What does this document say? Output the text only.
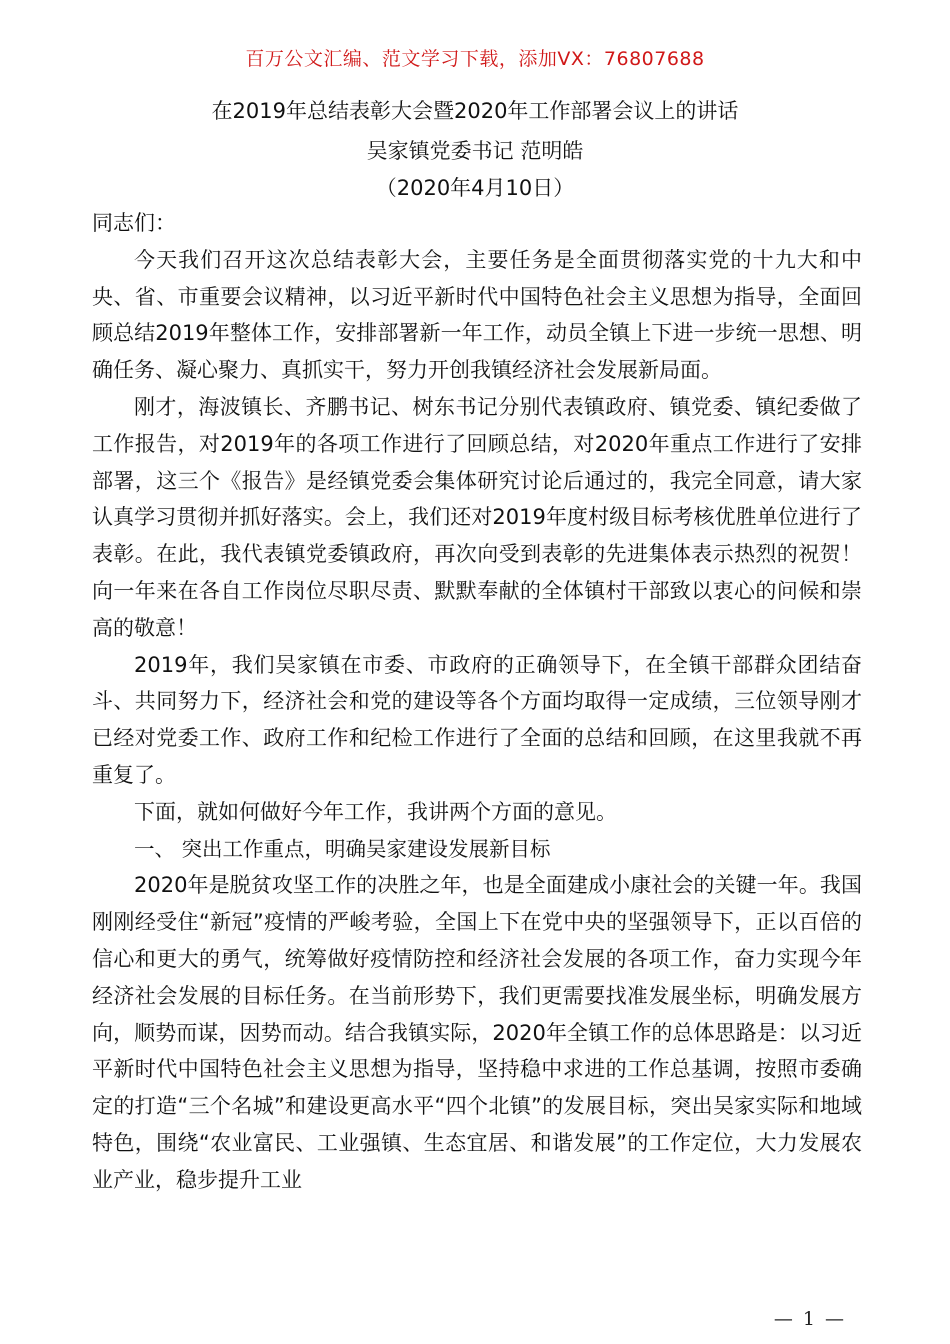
百万公文汇编、范文学习下载，添加VX：76807688
在2019年总结表彰大会暨2020年工作部署会议上的讲话
吴家镇党委书记 范明皓
（2020年4月10日）

同志们：

今天我们召开这次总结表彰大会，主要任务是全面贯彻落实党的十九大和中央、省、市重要会议精神，以习近平新时代中国特色社会主义思想为指导，全面回顾总结2019年整体工作，安排部署新一年工作，动员全镇上下进一步统一思想、明确任务、凝心聚力、真抓实干，努力开创我镇经济社会发展新局面。

刚才，海波镇长、齐鹏书记、树东书记分别代表镇政府、镇党委、镇纪委做了工作报告，对2019年的各项工作进行了回顾总结，对2020年重点工作进行了安排部署，这三个《报告》是经镇党委会集体研究讨论后通过的，我完全同意，请大家认真学习贯彻并抓好落实。会上，我们还对2019年度村级目标考核优胜单位进行了表彰。在此，我代表镇党委镇政府，再次向受到表彰的先进集体表示热烈的祝贺！向一年来在各自工作岗位尽职尽责、默默奉献的全体镇村干部致以衷心的问候和崇高的敬意！

2019年，我们吴家镇在市委、市政府的正确领导下，在全镇干部群众团结奋斗、共同努力下，经济社会和党的建设等各个方面均取得一定成绩，三位领导刚才已经对党委工作、政府工作和纪检工作进行了全面的总结和回顾，在这里我就不再重复了。

下面，就如何做好今年工作，我讲两个方面的意见。

一、 突出工作重点，明确吴家建设发展新目标

2020年是脱贫攻坚工作的决胜之年，也是全面建成小康社会的关键一年。我国刚刚经受住“新冠”疫情的严峻考验，全国上下在党中央的坚强领导下，正以百倍的信心和更大的勇气，统筹做好疫情防控和经济社会发展的各项工作，奋力实现今年经济社会发展的目标任务。在当前形势下，我们更需要找准发展坐标，明确发展方向，顺势而谋，因势而动。结合我镇实际，2020年全镇工作的总体思路是：以习近平新时代中国特色社会主义思想为指导，坚持稳中求进的工作总基调，按照市委确定的打造“三个名城”和建设更高水平“四个北镇”的发展目标，突出吴家实际和地域特色，围绕“农业富民、工业强镇、生态宜居、和谐发展”的工作定位，大力发展农业产业，稳步提升工业

— 1 —
